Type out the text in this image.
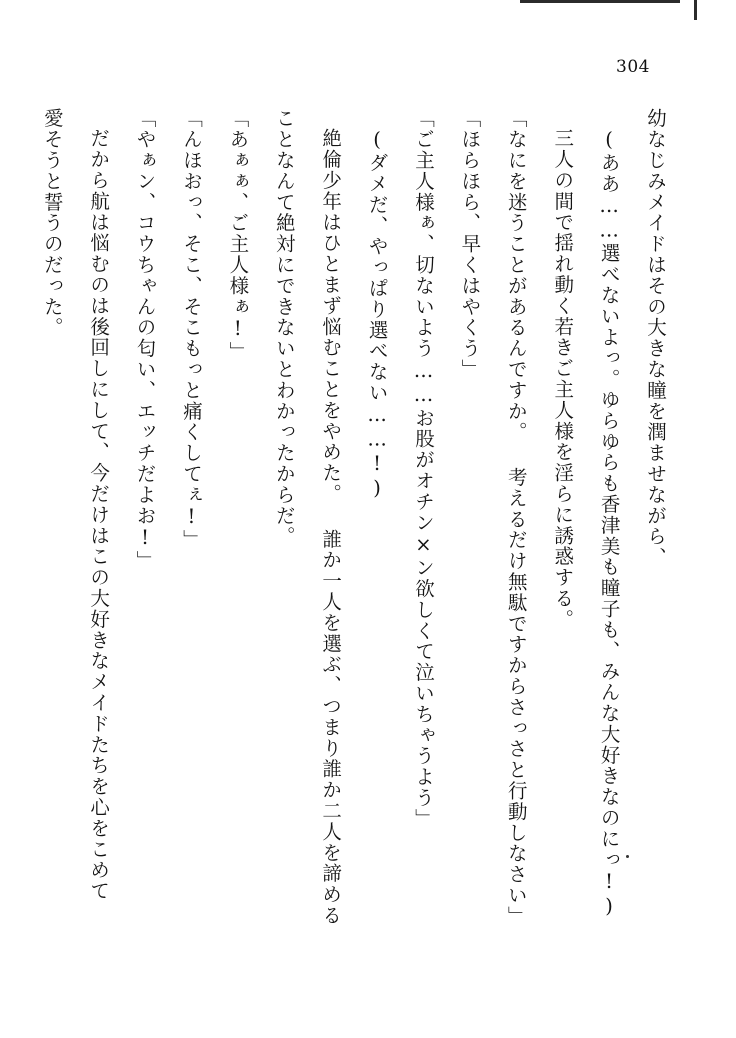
304

幼なじみメイドはその大きな瞳を潤ませながら、

(ああ……選べないよっ。ゆらゆらも香津美も瞳子も、みんな大好きなのにっ!)

三人の間で揺れ動く若きご主人様を淫らに誘惑する。

「なにを迷うことがあるんですか。 考えるだけ無駄ですからさっさと行動しなさい」

「ほらほら、早くはやくう」

「ご主人様ぁ、切ないよう……お股がオチン×ン欲しくて泣いちゃうよう」

(ダメだ、やっぱり選べない……!)

絶倫少年はひとまず悩むことをやめた。 誰か一人を選ぶ、つまり誰か二人を諦める

ことなんて絶対にできないとわかったからだ。

「あぁぁ、ご主人様ぁ!」

「んほおっ、そこ、そこもっと痛くしてぇ!」

「やぁン、コウちゃんの匂い、エッチだよお!」

だから航は悩むのは後回しにして、今だけはこの大好きなメイドたちを心をこめて

愛そうと誓うのだった。
